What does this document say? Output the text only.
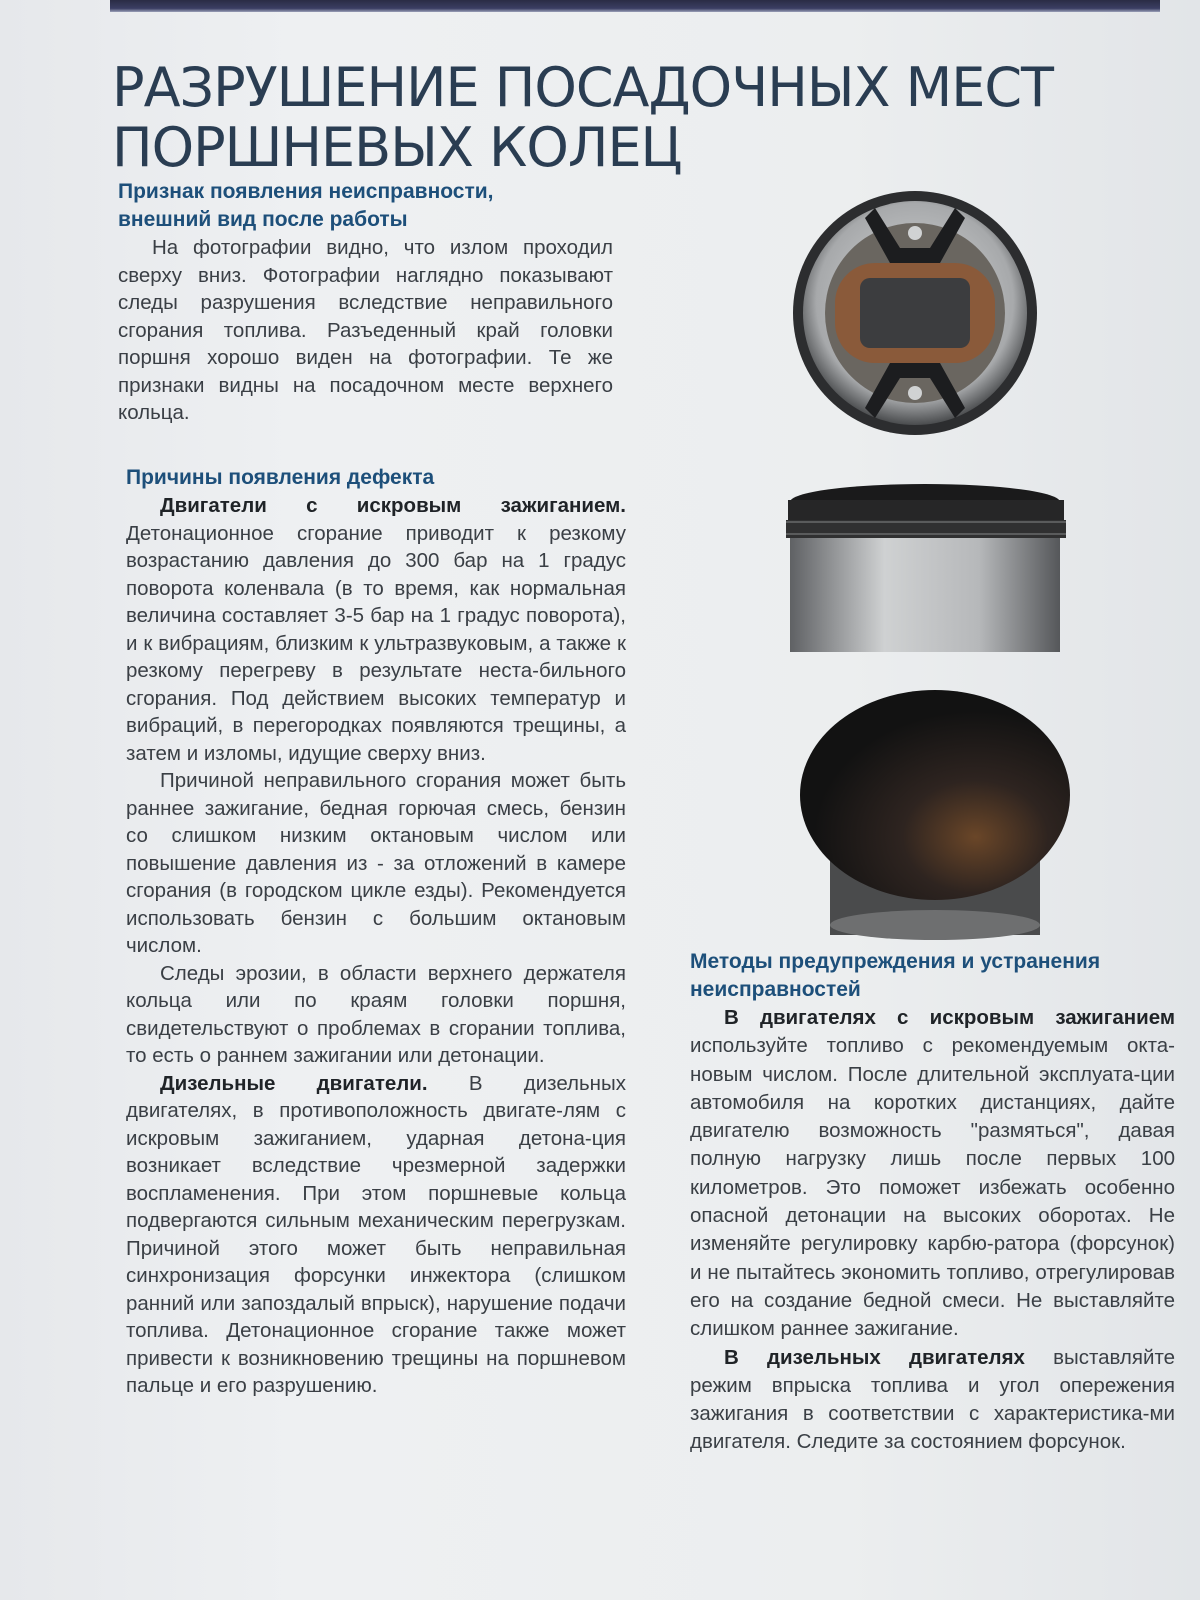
РАЗРУШЕНИЕ ПОСАДОЧНЫХ МЕСТ
ПОРШНЕВЫХ КОЛЕЦ
Признак появления неисправности,
внешний вид после работы

На фотографии видно, что излом проходил сверху вниз. Фотографии наглядно показывают следы разрушения вследствие неправильного сгорания топлива. Разъеденный край головки поршня хорошо виден на фотографии. Те же признаки видны на посадочном месте верхнего кольца.

Причины появления дефекта

Двигатели с искровым зажиганием. Детонационное сгорание приводит к резкому возрастанию давления до 300 бар на 1 градус поворота коленвала (в то время, как нормальная величина составляет 3-5 бар на 1 градус поворота), и к вибрациям, близким к ультразвуковым, а также к резкому перегреву в результате неста-бильного сгорания. Под действием высоких температур и вибраций, в перегородках появляются трещины, а затем и изломы, идущие сверху вниз.

Причиной неправильного сгорания может быть раннее зажигание, бедная горючая смесь, бензин со слишком низким октановым числом или повышение давления из - за отложений в камере сгорания (в городском цикле езды). Рекомендуется использовать бензин с большим октановым числом.

Следы эрозии, в области верхнего держателя кольца или по краям головки поршня, свидетельствуют о проблемах в сгорании топлива, то есть о раннем зажигании или детонации.

Дизельные двигатели. В дизельных двигателях, в противоположность двигате-лям с искровым зажиганием, ударная детона-ция возникает вследствие чрезмерной задержки воспламенения. При этом поршневые кольца подвергаются сильным механическим перегрузкам. Причиной этого может быть неправильная синхронизация форсунки инжектора (слишком ранний или запоздалый впрыск), нарушение подачи топлива. Детонационное сгорание также может привести к возникновению трещины на поршневом пальце и его разрушению.

Методы предупреждения и устранения
неисправностей

В двигателях с искровым зажиганием используйте топливо с рекомендуемым окта-новым числом. После длительной эксплуата-ции автомобиля на коротких дистанциях, дайте двигателю возможность "размяться", давая полную нагрузку лишь после первых 100 километров. Это поможет избежать особенно опасной детонации на высоких оборотах. Не изменяйте регулировку карбю-ратора (форсунок) и не пытайтесь экономить топливо, отрегулировав его на создание бедной смеси. Не выставляйте слишком раннее зажигание.

В дизельных двигателях выставляйте режим впрыска топлива и угол опережения зажигания в соответствии с характеристика-ми двигателя. Следите за состоянием форсунок.
